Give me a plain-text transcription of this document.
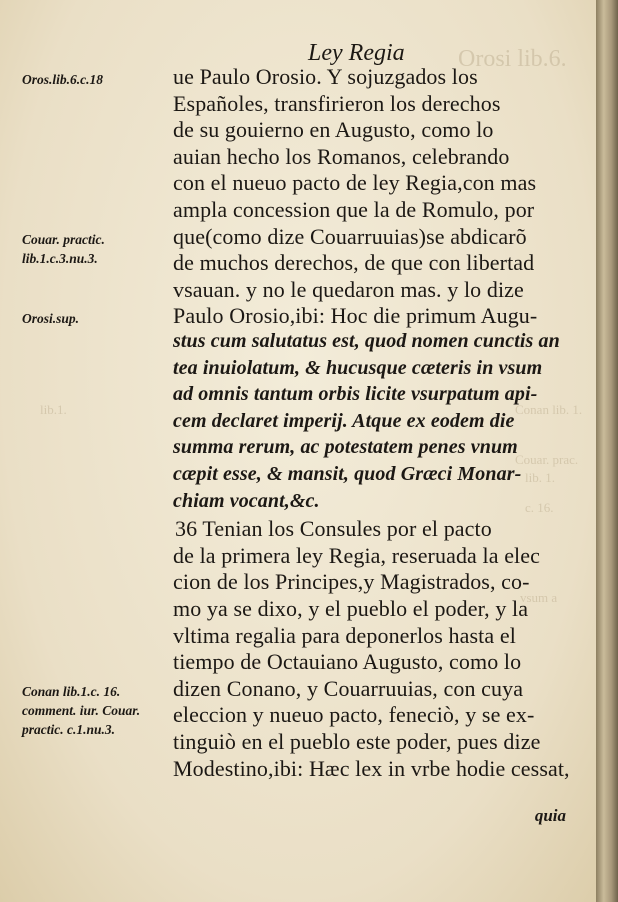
Orosi lib.6.
lib.1.	Conan lib. 1.
Couar. prac.
vsum a
lib. 1.
c. 16.
Ley Regia
ue Paulo Orosio. Y sojuzgados los
Españoles, transfirieron los derechos
de su gouierno en Augusto, como lo
auian hecho los Romanos, celebrando
con el nueuo pacto de ley Regia,con mas
ampla concession que la de Romulo, por
que(como dize Couarruuias)se abdicarõ
de muchos derechos, de que con libertad
vsauan. y no le quedaron mas. y lo dize
Paulo Orosio,ibi: Hoc die primum Augu-
stus cum salutatus est, quod nomen cunctis an
tea inuiolatum, & hucusque cæteris in vsum
ad omnis tantum orbis licite vsurpatum api-
cem declaret imperij. Atque ex eodem die
summa rerum, ac potestatem penes vnum
cæpit esse, & mansit, quod Græci Monar-
chiam vocant,&c.
36 Tenian los Consules por el pacto
de la primera ley Regia, reseruada la elec
cion de los Principes,y Magistrados, co-
mo ya se dixo, y el pueblo el poder, y la
vltima regalia para deponerlos hasta el
tiempo de Octauiano Augusto, como lo
dizen Conano, y Couarruuias, con cuya
eleccion y nueuo pacto, feneciò, y se ex-
tinguiò en el pueblo este poder, pues dize
Modestino,ibi: Hæc lex in vrbe hodie cessat,
Oros.lib.6.c.18
Couar. practic. lib.1.c.3.nu.3.
Orosi.sup.
Conan lib.1.c. 16. comment. iur. Couar. practic. c.1.nu.3.
quia
